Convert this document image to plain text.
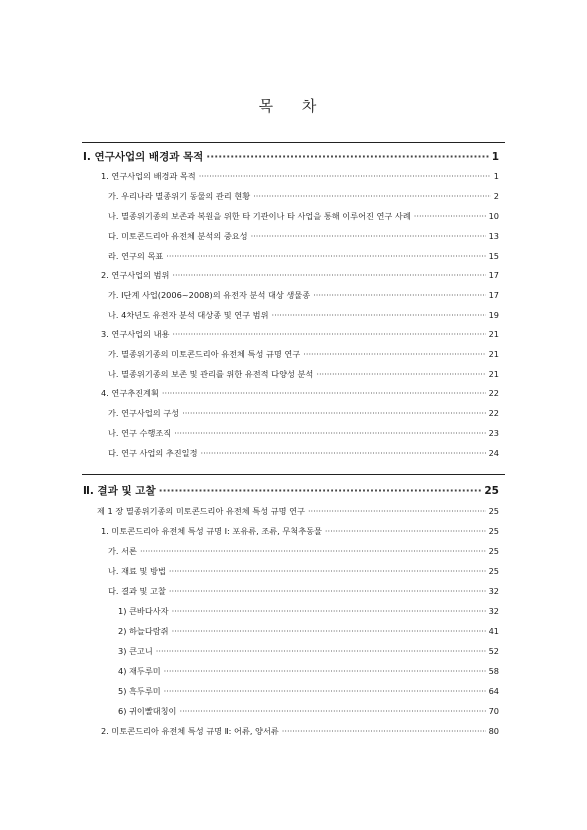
목 차
Ⅰ. 연구사업의 배경과 목적 ·····	1
1. 연구사업의 배경과 목적 ·····	1
가. 우리나라 멸종위기 동물의 관리 현황 ·····	2
나. 멸종위기종의 보존과 복원을 위한 타 기관이나 타 사업을 통해 이루어진 연구 사례 ·····	10
다. 미토콘드리아 유전체 분석의 중요성 ·····	13
라. 연구의 목표 ·····	15
2. 연구사업의 범위 ·····	17
가. Ⅰ단계 사업(2006~2008)의 유전자 분석 대상 생물종 ·····	17
나. 4차년도 유전자 분석 대상종 및 연구 범위 ·····	19
3. 연구사업의 내용 ·····	21
가. 멸종위기종의 미토콘드리아 유전체 특성 규명 연구 ·····	21
나. 멸종위기종의 보존 및 관리를 위한 유전적 다양성 분석 ·····	21
4. 연구추진계획 ·····	22
가. 연구사업의 구성 ·····	22
나. 연구 수행조직 ·····	23
다. 연구 사업의 추진일정 ·····	24
Ⅱ. 결과 및 고찰 ·····	25
제 1 장 멸종위기종의 미토콘드리아 유전체 특성 규명 연구 ·····	25
1. 미토콘드리아 유전체 특성 규명 Ⅰ: 포유류, 조류, 무척추동물 ·····	25
가. 서론 ·····	25
나. 재료 및 방법 ·····	25
다. 결과 및 고찰 ·····	32
1) 큰바다사자 ·····	32
2) 하늘다람쥐 ·····	41
3) 큰고니 ·····	52
4) 재두루미 ·····	58
5) 흑두루미 ·····	64
6) 귀이빨대칭이 ·····	70
2. 미토콘드리아 유전체 특성 규명 Ⅱ: 어류, 양서류 ·····	80
